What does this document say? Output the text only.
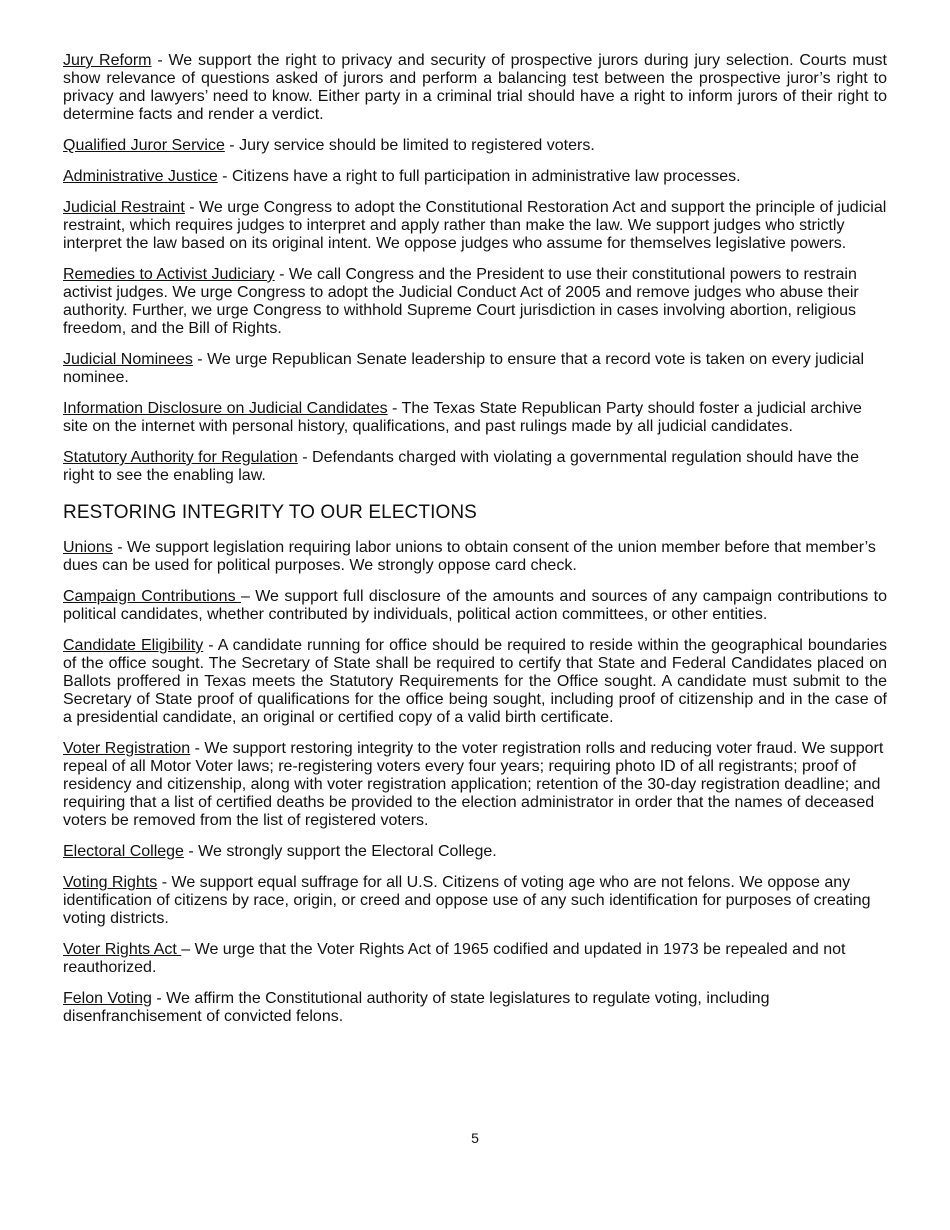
Jury Reform - We support the right to privacy and security of prospective jurors during jury selection. Courts must show relevance of questions asked of jurors and perform a balancing test between the prospective juror’s right to privacy and lawyers’ need to know. Either party in a criminal trial should have a right to inform jurors of their right to determine facts and render a verdict.

Qualified Juror Service - Jury service should be limited to registered voters.

Administrative Justice - Citizens have a right to full participation in administrative law processes.

Judicial Restraint - We urge Congress to adopt the Constitutional Restoration Act and support the principle of judicial restraint, which requires judges to interpret and apply rather than make the law. We support judges who strictly interpret the law based on its original intent. We oppose judges who assume for themselves legislative powers.

Remedies to Activist Judiciary - We call Congress and the President to use their constitutional powers to restrain activist judges. We urge Congress to adopt the Judicial Conduct Act of 2005 and remove judges who abuse their authority. Further, we urge Congress to withhold Supreme Court jurisdiction in cases involving abortion, religious freedom, and the Bill of Rights.

Judicial Nominees - We urge Republican Senate leadership to ensure that a record vote is taken on every judicial nominee.

Information Disclosure on Judicial Candidates - The Texas State Republican Party should foster a judicial archive site on the internet with personal history, qualifications, and past rulings made by all judicial candidates.

Statutory Authority for Regulation - Defendants charged with violating a governmental regulation should have the right to see the enabling law.

RESTORING INTEGRITY TO OUR ELECTIONS

Unions - We support legislation requiring labor unions to obtain consent of the union member before that member’s dues can be used for political purposes. We strongly oppose card check.

Campaign Contributions – We support full disclosure of the amounts and sources of any campaign contributions to political candidates, whether contributed by individuals, political action committees, or other entities.

Candidate Eligibility - A candidate running for office should be required to reside within the geographical boundaries of the office sought. The Secretary of State shall be required to certify that State and Federal Candidates placed on Ballots proffered in Texas meets the Statutory Requirements for the Office sought. A candidate must submit to the Secretary of State proof of qualifications for the office being sought, including proof of citizenship and in the case of a presidential candidate, an original or certified copy of a valid birth certificate.

Voter Registration - We support restoring integrity to the voter registration rolls and reducing voter fraud. We support repeal of all Motor Voter laws; re-registering voters every four years; requiring photo ID of all registrants; proof of residency and citizenship, along with voter registration application; retention of the 30-day registration deadline; and requiring that a list of certified deaths be provided to the election administrator in order that the names of deceased voters be removed from the list of registered voters.

Electoral College - We strongly support the Electoral College.

Voting Rights - We support equal suffrage for all U.S. Citizens of voting age who are not felons. We oppose any identification of citizens by race, origin, or creed and oppose use of any such identification for purposes of creating voting districts.

Voter Rights Act – We urge that the Voter Rights Act of 1965 codified and updated in 1973 be repealed and not reauthorized.

Felon Voting - We affirm the Constitutional authority of state legislatures to regulate voting, including disenfranchisement of convicted felons.

5
